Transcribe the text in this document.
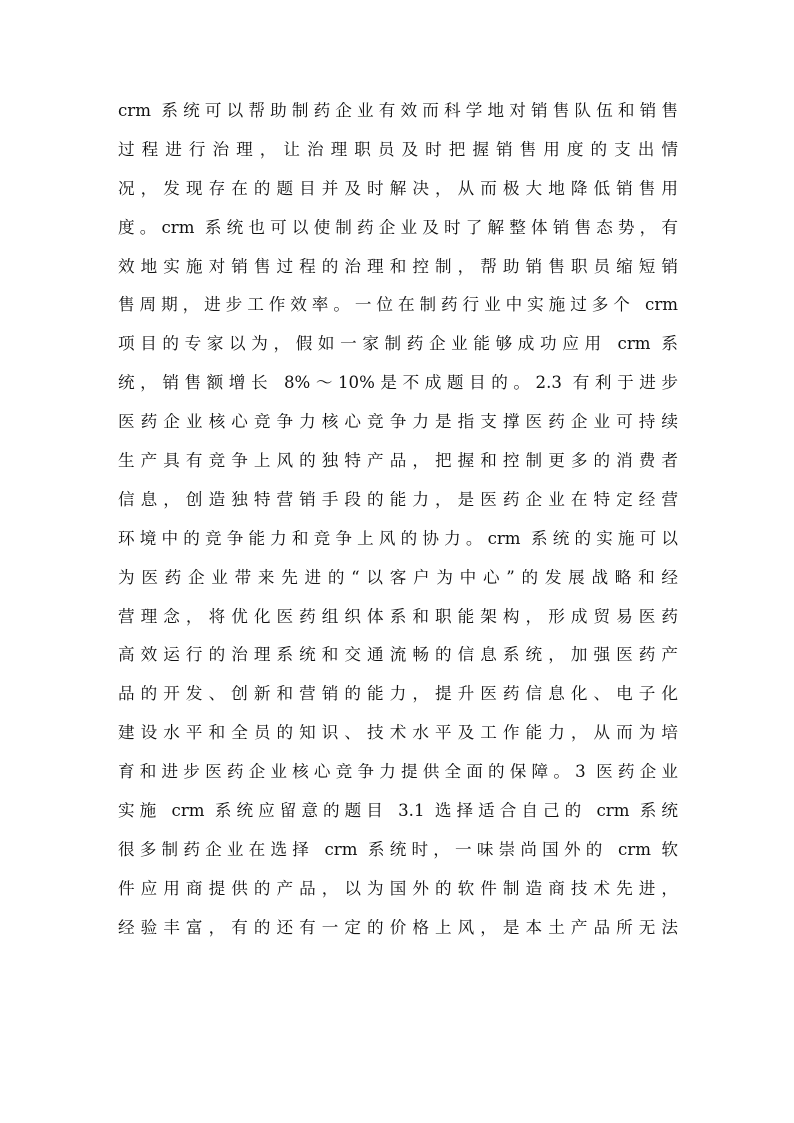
crm 系统可以帮助制药企业有效而科学地对销售队伍和销售
过程进行治理，让治理职员及时把握销售用度的支出情
况，发现存在的题目并及时解决，从而极大地降低销售用
度。crm 系统也可以使制药企业及时了解整体销售态势，有
效地实施对销售过程的治理和控制，帮助销售职员缩短销
售周期，进步工作效率。一位在制药行业中实施过多个 crm
项目的专家以为，假如一家制药企业能够成功应用 crm 系
统，销售额增长 8%～10%是不成题目的。2.3 有利于进步
医药企业核心竞争力核心竞争力是指支撑医药企业可持续
生产具有竞争上风的独特产品，把握和控制更多的消费者
信息，创造独特营销手段的能力，是医药企业在特定经营
环境中的竞争能力和竞争上风的协力。crm 系统的实施可以
为医药企业带来先进的“以客户为中心”的发展战略和经
营理念，将优化医药组织体系和职能架构，形成贸易医药
高效运行的治理系统和交通流畅的信息系统，加强医药产
品的开发、创新和营销的能力，提升医药信息化、电子化
建设水平和全员的知识、技术水平及工作能力，从而为培
育和进步医药企业核心竞争力提供全面的保障。3 医药企业
实施 crm 系统应留意的题目 3.1 选择适合自己的 crm 系统
很多制药企业在选择 crm 系统时，一味崇尚国外的 crm 软
件应用商提供的产品，以为国外的软件制造商技术先进，
经验丰富，有的还有一定的价格上风，是本土产品所无法
